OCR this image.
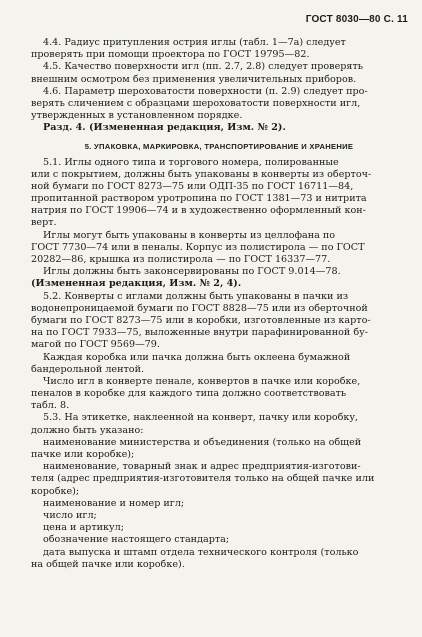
ГОСТ 8030—80 С. 11
4.4. Радиус притупления острия иглы (табл. 1—7а) следует
проверять при помощи проектора по ГОСТ 19795—82.
4.5. Качество поверхности игл (пп. 2.7, 2.8) следует проверять
внешним осмотром без применения увеличительных приборов.
4.6. Параметр шероховатости поверхности (п. 2.9) следует про-
верять сличением с образцами шероховатости поверхности игл,
утвержденных в установленном порядке.
Разд. 4. (Измененная редакция, Изм. № 2).
5. УПАКОВКА, МАРКИРОВКА, ТРАНСПОРТИРОВАНИЕ И ХРАНЕНИЕ
5.1. Иглы одного типа и торгового номера, полированные
или с покрытием, должны быть упакованы в конверты из оберточ-
ной бумаги по ГОСТ 8273—75 или ОДП-35 по ГОСТ 16711—84,
пропитанной раствором уротропина по ГОСТ 1381—73 и нитрита
натрия по ГОСТ 19906—74 и в художественно оформленный кон-
верт.
Иглы могут быть упакованы в конверты из целлофана по
ГОСТ 7730—74 или в пеналы. Корпус из полистирола — по ГОСТ
20282—86, крышка из полистирола — по ГОСТ 16337—77.
Иглы должны быть законсервированы по ГОСТ 9.014—78.
(Измененная редакция, Изм. № 2, 4).
5.2. Конверты с иглами должны быть упакованы в пачки из
водонепроницаемой бумаги по ГОСТ 8828—75 или из оберточной
бумаги по ГОСТ 8273—75 или в коробки, изготовленные из карто-
на по ГОСТ 7933—75, выложенные внутри парафинированной бу-
магой по ГОСТ 9569—79.
Каждая коробка или пачка должна быть оклеена бумажной
бандерольной лентой.
Число игл в конверте пенале, конвертов в пачке или коробке,
пеналов в коробке для каждого типа должно соответствовать
табл. 8.
5.3. На этикетке, наклеенной на конверт, пачку или коробку,
должно быть указано:
наименование министерства и объединения (только на общей
пачке или коробке);
наименование, товарный знак и адрес предприятия-изготови-
теля (адрес предприятия-изготовителя только на общей пачке или
коробке);
наименование и номер игл;
число игл;
цена и артикул;
обозначение настоящего стандарта;
дата выпуска и штамп отдела технического контроля (только
на общей пачке или коробке).
